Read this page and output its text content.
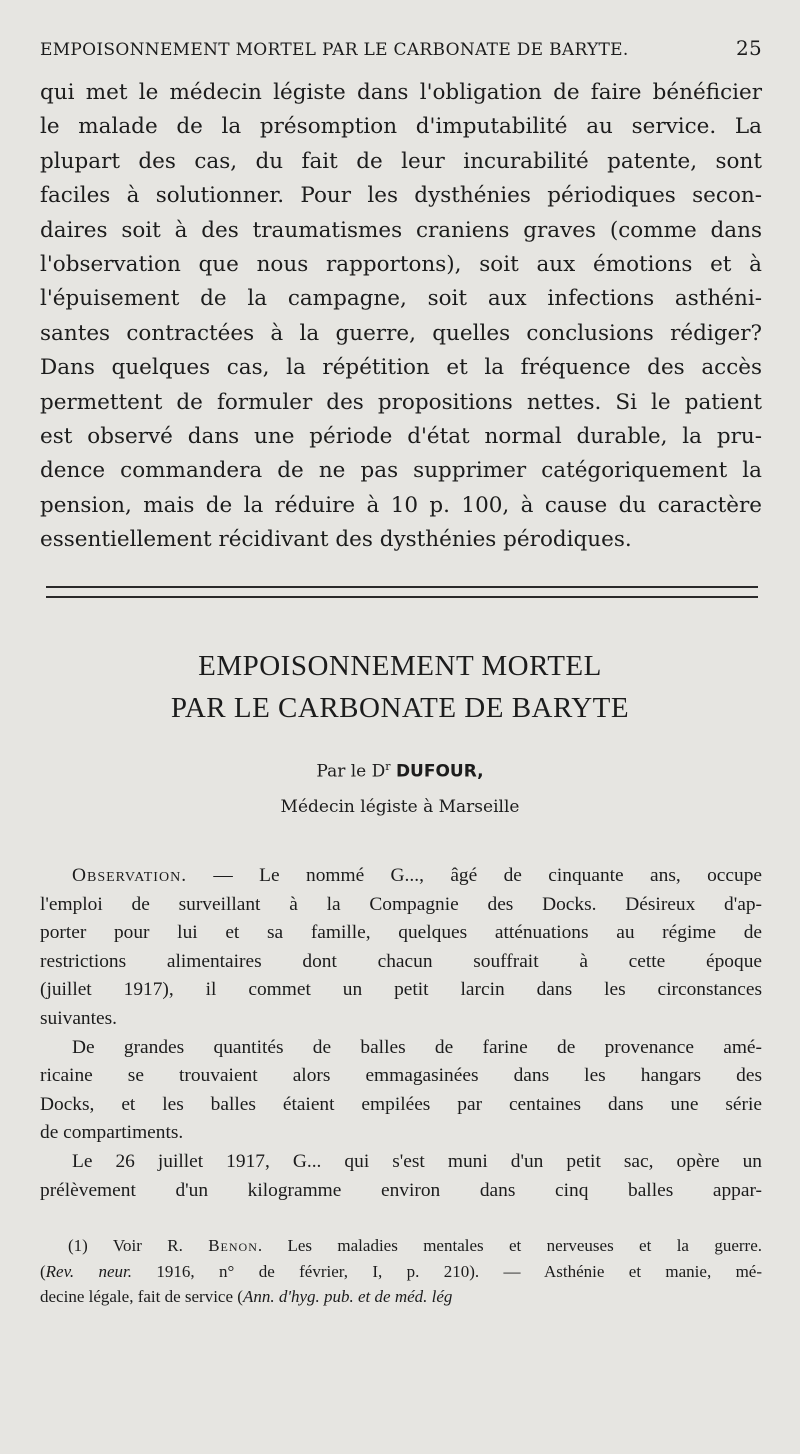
EMPOISONNEMENT MORTEL PAR LE CARBONATE DE BARYTE.	25
qui met le médecin légiste dans l'obligation de faire bénéficier
le malade de la présomption d'imputabilité au service. La
plupart des cas, du fait de leur incurabilité patente, sont
faciles à solutionner. Pour les dysthénies périodiques secon-
daires soit à des traumatismes craniens graves (comme dans
l'observation que nous rapportons), soit aux émotions et à
l'épuisement de la campagne, soit aux infections asthéni-
santes contractées à la guerre, quelles conclusions rédiger?
Dans quelques cas, la répétition et la fréquence des accès
permettent de formuler des propositions nettes. Si le patient
est observé dans une période d'état normal durable, la pru-
dence commandera de ne pas supprimer catégoriquement la
pension, mais de la réduire à 10 p. 100, à cause du caractère
essentiellement récidivant des dysthénies pérodiques.
EMPOISONNEMENT MORTEL
PAR LE CARBONATE DE BARYTE
Par le $D^r$ DUFOUR,
Médecin légiste à Marseille
Observation. — Le nommé G..., âgé de cinquante ans, occupe
l'emploi de surveillant à la Compagnie des Docks. Désireux d'ap-
porter pour lui et sa famille, quelques atténuations au régime de
restrictions alimentaires dont chacun souffrait à cette époque
(juillet 1917), il commet un petit larcin dans les circonstances
suivantes.
De grandes quantités de balles de farine de provenance amé-
ricaine se trouvaient alors emmagasinées dans les hangars des
Docks, et les balles étaient empilées par centaines dans une série
de compartiments.
Le 26 juillet 1917, G... qui s'est muni d'un petit sac, opère un
prélèvement d'un kilogramme environ dans cinq balles appar-
(1) Voir R. Benon. Les maladies mentales et nerveuses et la guerre.
(Rev. neur. 1916, n° de février, I, p. 210). — Asthénie et manie, mé-
decine légale, fait de service (Ann. d'hyg. pub. et de méd. lég
